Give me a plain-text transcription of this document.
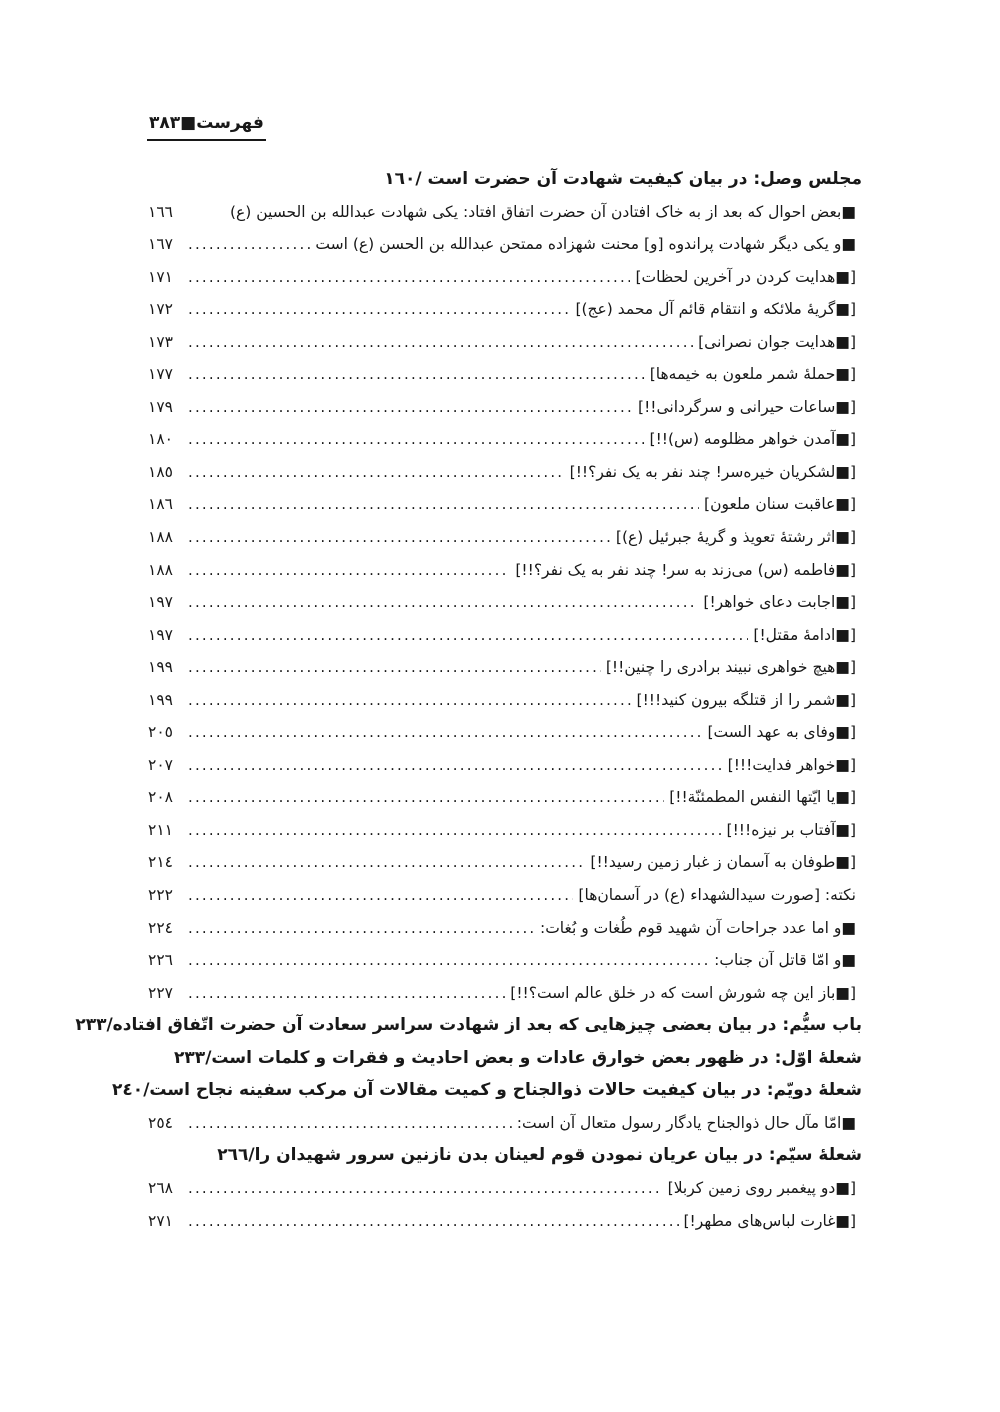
فهرست■٣٨٣
مجلس وصل: در بیان کیفیت شهادت آن حضرت است /١٦٠
■بعض احوال که بعد از به خاک افتادن آن حضرت اتفاق افتاد: یکی شهادت عبدالله بن الحسین (ع)
١٦٦
■و یکی دیگر شهادت پراندوه [و] محنت شهزاده ممتحن عبدالله بن الحسن (ع) است
.....
١٦٧
[■هدایت کردن در آخرین لحظات]
.....
١٧١
[■گریهٔ ملائکه و انتقام قائم آل محمد (عج)]
.....
١٧٢
[■هدایت جوان نصرانی]
.....
١٧٣
[■حملهٔ شمر ملعون به خیمه‌ها]
.....
١٧٧
[■ساعات حیرانی و سرگردانی!!]
.....
١٧٩
[■آمدن خواهر مظلومه (س)!!]
.....
١٨٠
[■لشکریان خیره‌سر! چند نفر به یک نفر؟!!]
.....
١٨٥
[■عاقبت سنان ملعون]
.....
١٨٦
[■اثر رشتهٔ تعویذ و گریهٔ جبرئیل (ع)]
.....
١٨٨
[■فاطمه (س) می‌زند به سر! چند نفر به یک نفر؟!!]
.....
١٨٨
[■اجابت دعای خواهر!]
.....
١٩٧
[■ادامهٔ مقتل!]
.....
١٩٧
[■هیچ خواهری نبیند برادری را چنین!!]
.....
١٩٩
[■شمر را از قتلگه بیرون کنید!!!]
.....
١٩٩
[■وفای به عهد الست]
.....
٢٠٥
[■خواهر فدایت!!!]
.....
٢٠٧
[■یا ایّتها النفس المطمئنّة!!]
.....
٢٠٨
[■آفتاب بر نیزه!!!]
.....
٢١١
[■طوفان به آسمان ز غبار زمین رسید!!]
.....
٢١٤
نکته: [صورت سیدالشهداء (ع) در آسمان‌ها]
.....
٢٢٢
■و اما عدد جراحات آن شهید قوم طُغات و بُغات:
.....
٢٢٤
■و امّا قاتل آن جناب:
.....
٢٢٦
[■باز این چه شورش است که در خلق عالم است؟!!]
.....
٢٢٧
باب سیُّم: در بیان بعضی چیزهایی که بعد از شهادت سراسر سعادت آن حضرت اتّفاق افتاده/٢٣٣
شعلهٔ اوّل: در ظهور بعض خوارق عادات و بعض احادیث و فقرات و کلمات است/٢٣٣
شعلهٔ دویّم: در بیان کیفیت حالات ذوالجناح و کمیت مقالات آن مرکب سفینه نجاح است/٢٤٠
■امّا مآل حال ذوالجناح یادگار رسول متعال آن است:
.....
٢٥٤
شعلهٔ سیّم: در بیان عریان نمودن قوم لعینان بدن نازنین سرور شهیدان را/٢٦٦
[■دو پیغمبر روی زمین کربلا]
.....
٢٦٨
[■غارت لباس‌های مطهر!]
.....
٢٧١
